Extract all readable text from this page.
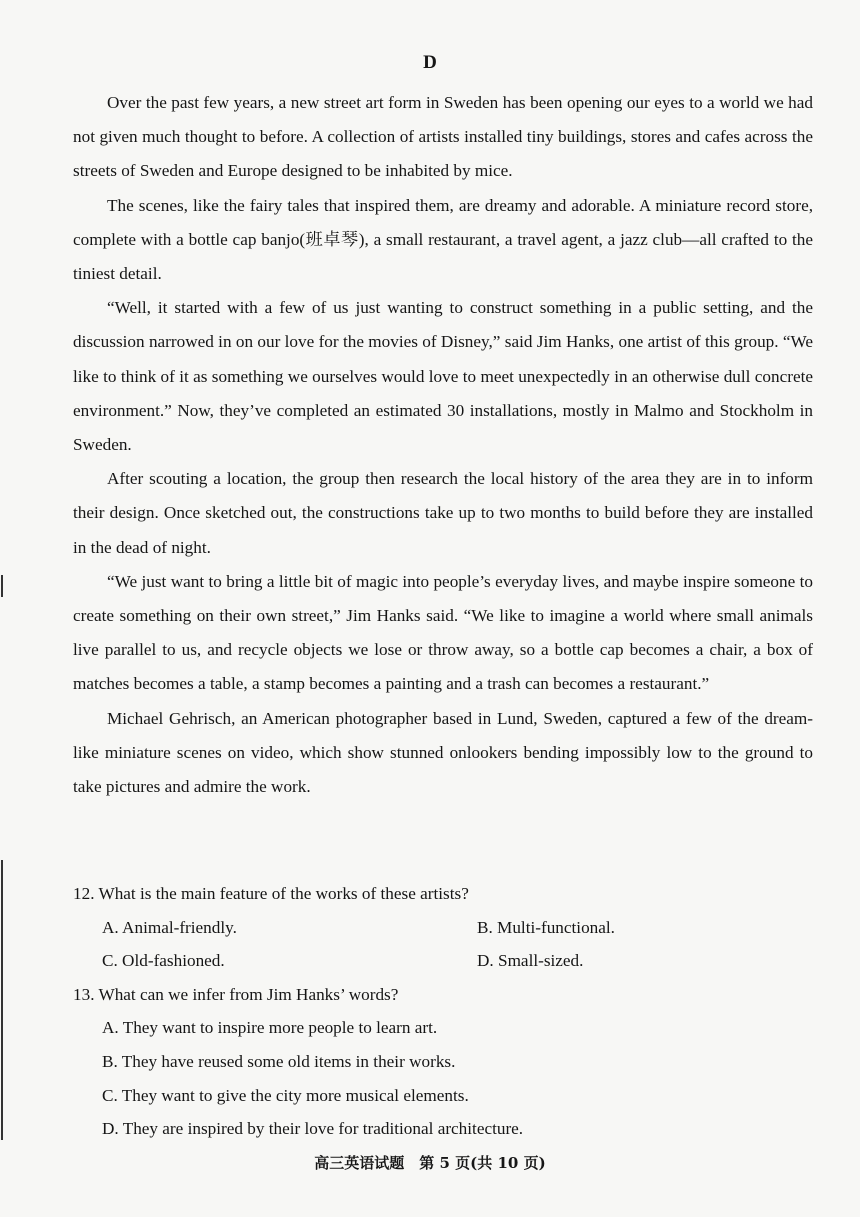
D

Over the past few years, a new street art form in Sweden has been opening our eyes to a world we had not given much thought to before. A collection of artists installed tiny buildings, stores and cafes across the streets of Sweden and Europe designed to be inhabited by mice.

The scenes, like the fairy tales that inspired them, are dreamy and adorable. A miniature record store, complete with a bottle cap banjo(班卓琴), a small restaurant, a travel agent, a jazz club—all crafted to the tiniest detail.

“Well, it started with a few of us just wanting to construct something in a public setting, and the discussion narrowed in on our love for the movies of Disney,” said Jim Hanks, one artist of this group. “We like to think of it as something we ourselves would love to meet unexpectedly in an otherwise dull concrete environment.” Now, they’ve completed an estimated 30 installations, mostly in Malmo and Stockholm in Sweden.

After scouting a location, the group then research the local history of the area they are in to inform their design. Once sketched out, the constructions take up to two months to build before they are installed in the dead of night.

“We just want to bring a little bit of magic into people’s everyday lives, and maybe inspire someone to create something on their own street,” Jim Hanks said. “We like to imagine a world where small animals live parallel to us, and recycle objects we lose or throw away, so a bottle cap becomes a chair, a box of matches becomes a table, a stamp becomes a painting and a trash can becomes a restaurant.”

Michael Gehrisch, an American photographer based in Lund, Sweden, captured a few of the dream-like miniature scenes on video, which show stunned onlookers bending impossibly low to the ground to take pictures and admire the work.

12. What is the main feature of the works of these artists?

A. Animal-friendly.	B. Multi-functional.
C. Old-fashioned.	D. Small-sized.

13. What can we infer from Jim Hanks’ words?

A. They want to inspire more people to learn art.
B. They have reused some old items in their works.
C. They want to give the city more musical elements.
D. They are inspired by their love for traditional architecture.
高三英语试题　第 5 页(共 10 页)
